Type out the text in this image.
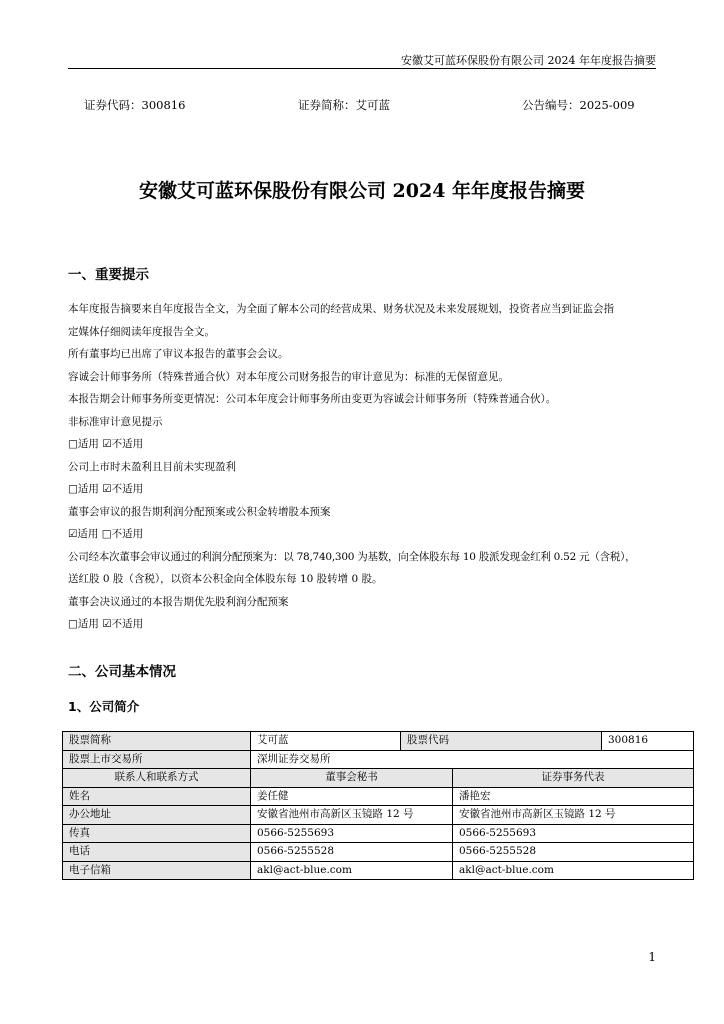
安徽艾可蓝环保股份有限公司 2024 年年度报告摘要
证券代码：300816	证券简称：艾可蓝	公告编号：2025-009
安徽艾可蓝环保股份有限公司 2024 年年度报告摘要
一、重要提示

本年度报告摘要来自年度报告全文，为全面了解本公司的经营成果、财务状况及未来发展规划，投资者应当到证监会指

定媒体仔细阅读年度报告全文。

所有董事均已出席了审议本报告的董事会会议。

容诚会计师事务所（特殊普通合伙）对本年度公司财务报告的审计意见为：标准的无保留意见。

本报告期会计师事务所变更情况：公司本年度会计师事务所由变更为容诚会计师事务所（特殊普通合伙）。

非标准审计意见提示

□适用 ☑不适用

公司上市时未盈利且目前未实现盈利

□适用 ☑不适用

董事会审议的报告期利润分配预案或公积金转增股本预案

☑适用 □不适用

公司经本次董事会审议通过的利润分配预案为：以 78,740,300 为基数，向全体股东每 10 股派发现金红利 0.52 元（含税），

送红股 0 股（含税），以资本公积金向全体股东每 10 股转增 0 股。

董事会决议通过的本报告期优先股利润分配预案

□适用 ☑不适用

二、公司基本情况
1、公司简介
股票简称	艾可蓝	股票代码		300816
股票上市交易所	深圳证券交易所			
联系人和联系方式	董事会秘书		证券事务代表	
姓名	姜任健		潘艳宏	
办公地址	安徽省池州市高新区玉镜路 12 号		安徽省池州市高新区玉镜路 12 号	
传真	0566-5255693		0566-5255693	
电话	0566-5255528		0566-5255528	
电子信箱	akl@act-blue.com		akl@act-blue.com	
1
